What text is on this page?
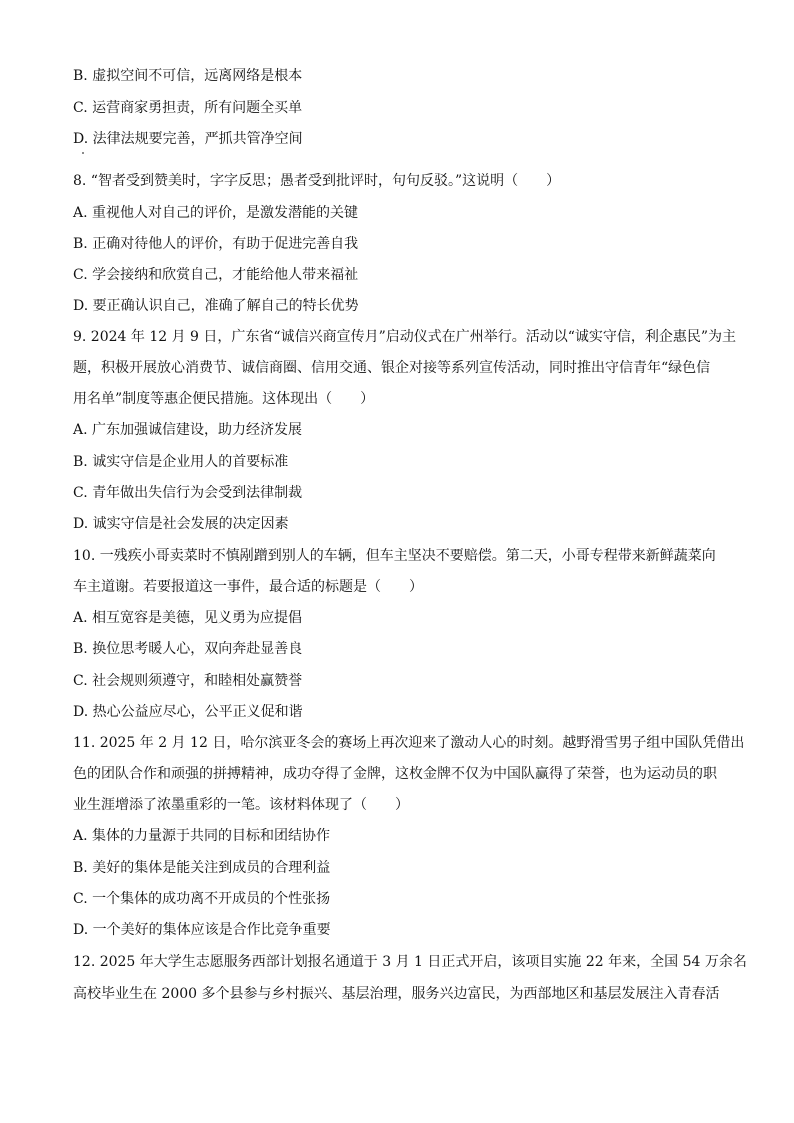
B. 虚拟空间不可信，远离网络是根本
C. 运营商家勇担责，所有问题全买单
D. 法律法规要完善，严抓共管净空间
8. “智者受到赞美时，字字反思；愚者受到批评时，句句反驳。”这说明（　　）
A. 重视他人对自己的评价，是激发潜能的关键
B. 正确对待他人的评价，有助于促进完善自我
C. 学会接纳和欣赏自己，才能给他人带来福祉
D. 要正确认识自己，准确了解自己的特长优势
9. 2024 年 12 月 9 日，广东省“诚信兴商宣传月”启动仪式在广州举行。活动以“诚实守信，利企惠民”为主
题，积极开展放心消费节、诚信商圈、信用交通、银企对接等系列宣传活动，同时推出守信青年“绿色信
用名单”制度等惠企便民措施。这体现出（　　）
A. 广东加强诚信建设，助力经济发展
B. 诚实守信是企业用人的首要标准
C. 青年做出失信行为会受到法律制裁
D. 诚实守信是社会发展的决定因素
10. 一残疾小哥卖菜时不慎剐蹭到别人的车辆，但车主坚决不要赔偿。第二天，小哥专程带来新鲜蔬菜向
车主道谢。若要报道这一事件，最合适的标题是（　　）
A. 相互宽容是美德，见义勇为应提倡
B. 换位思考暖人心，双向奔赴显善良
C. 社会规则须遵守，和睦相处赢赞誉
D. 热心公益应尽心，公平正义促和谐
11. 2025 年 2 月 12 日，哈尔滨亚冬会的赛场上再次迎来了激动人心的时刻。越野滑雪男子组中国队凭借出
色的团队合作和顽强的拼搏精神，成功夺得了金牌，这枚金牌不仅为中国队赢得了荣誉，也为运动员的职
业生涯增添了浓墨重彩的一笔。该材料体现了（　　）
A. 集体的力量源于共同的目标和团结协作
B. 美好的集体是能关注到成员的合理利益
C. 一个集体的成功离不开成员的个性张扬
D. 一个美好的集体应该是合作比竞争重要
12. 2025 年大学生志愿服务西部计划报名通道于 3 月 1 日正式开启，该项目实施 22 年来，全国 54 万余名
高校毕业生在 2000 多个县参与乡村振兴、基层治理，服务兴边富民，为西部地区和基层发展注入青春活
